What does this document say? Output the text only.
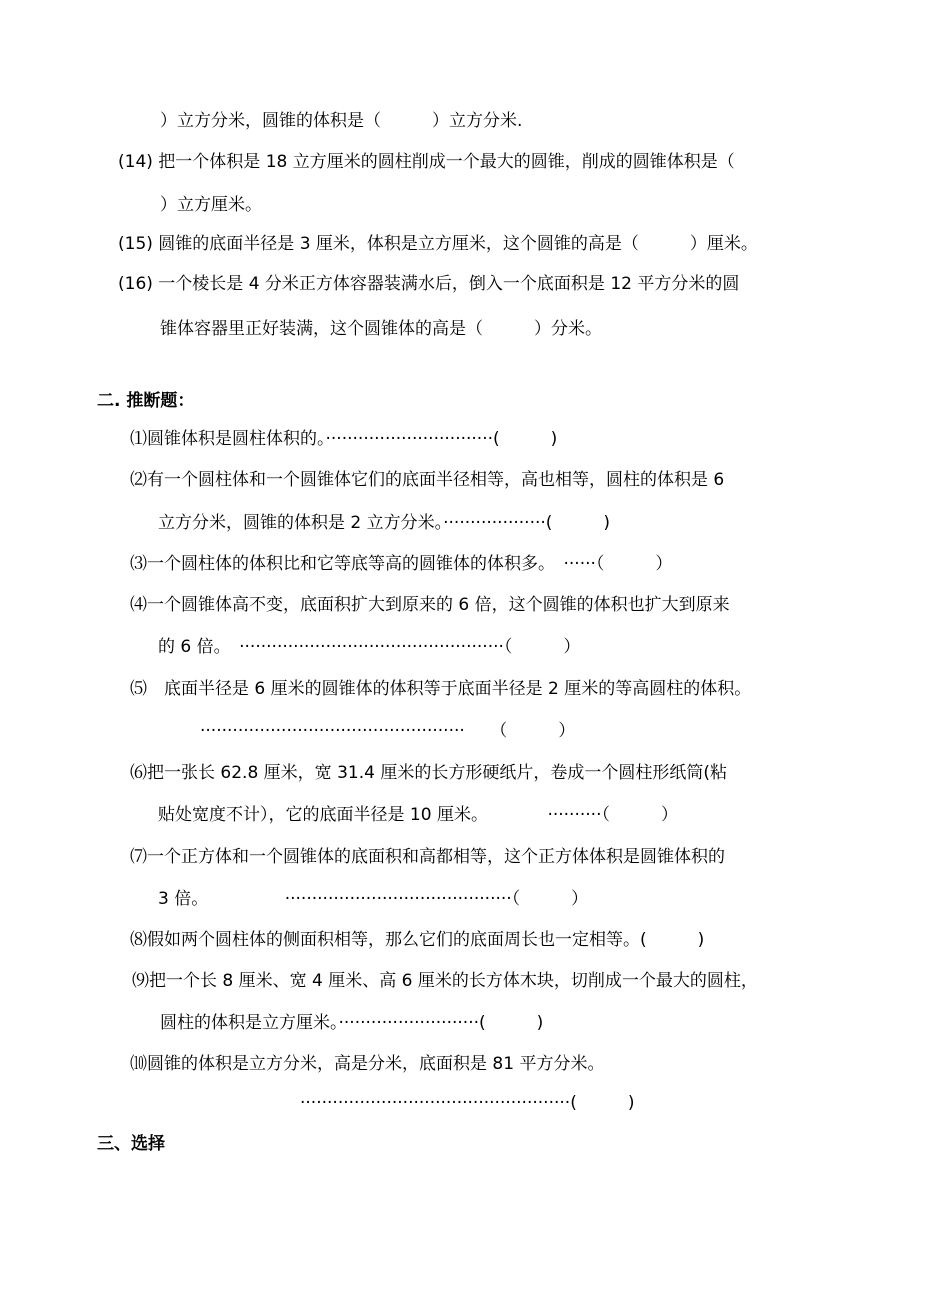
）立方分米，圆锥的体积是（　　　）立方分米.
(14) 把一个体积是 18 立方厘米的圆柱削成一个最大的圆锥，削成的圆锥体积是（
）立方厘米。
(15) 圆锥的底面半径是 3 厘米，体积是立方厘米，这个圆锥的高是（　　　）厘米。
(16) 一个棱长是 4 分米正方体容器装满水后，倒入一个底面积是 12 平方分米的圆
锥体容器里正好装满，这个圆锥体的高是（　　　）分米。
二. 推断题：
⑴圆锥体积是圆柱体积的。·······························(　　　)
⑵有一个圆柱体和一个圆锥体它们的底面半径相等，高也相等，圆柱的体积是 6
立方分米，圆锥的体积是 2 立方分米。···················(　　　)
⑶一个圆柱体的体积比和它等底等高的圆锥体的体积多。　······（　　　）
⑷一个圆锥体高不变，底面积扩大到原来的 6 倍，这个圆锥的体积也扩大到原来
的 6 倍。　·················································（　　　）
⑸　底面半径是 6 厘米的圆锥体的体积等于底面半径是 2 厘米的等高圆柱的体积。
·················································　　（　　　）
⑹把一张长 62.8 厘米，宽 31.4 厘米的长方形硬纸片，卷成一个圆柱形纸筒(粘
贴处宽度不计），它的底面半径是 10 厘米。　　　　··········（　　　）
⑺一个正方体和一个圆锥体的底面积和高都相等，这个正方体体积是圆锥体积的
3 倍。　　　　　··········································（　　　）
⑻假如两个圆柱体的侧面积相等，那么它们的底面周长也一定相等。(　　　)
⑼把一个长 8 厘米、宽 4 厘米、高 6 厘米的长方体木块，切削成一个最大的圆柱，
圆柱的体积是立方厘米。··························(　　　)
⑽圆锥的体积是立方分米，高是分米，底面积是 81 平方分米。
··················································(　　　)
三、选择
